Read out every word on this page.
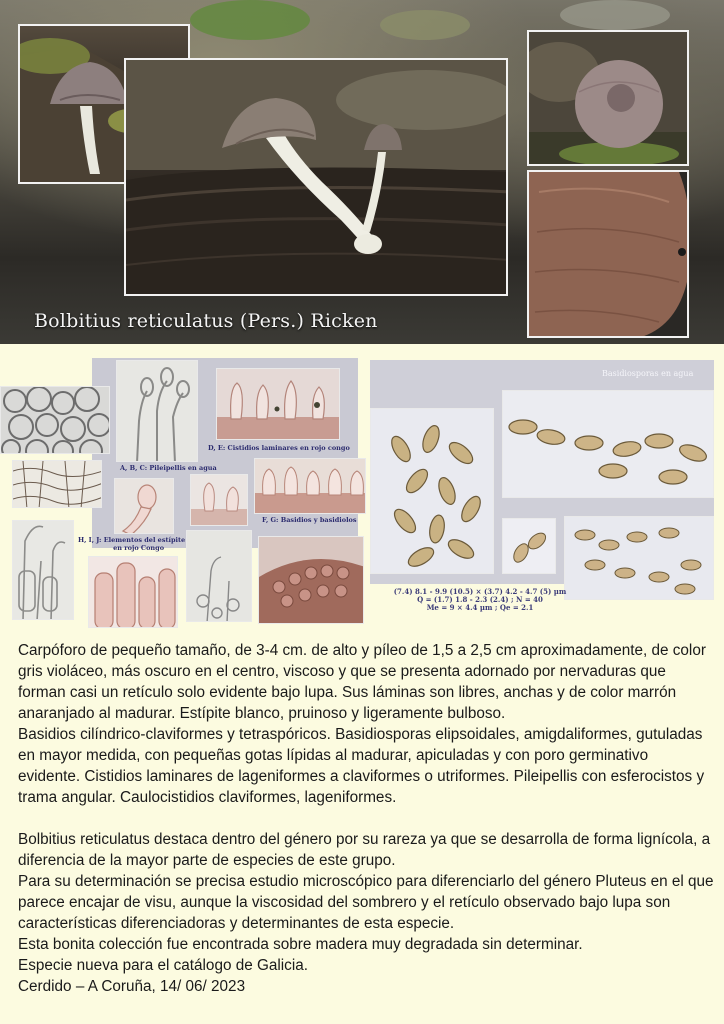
Bolbitius reticulatus (Pers.) Ricken
D, E: Cistidios laminares en rojo congo
A, B, C: Pileipellis en agua
F, G: Basidios y basidiolos
H, I, J: Elementos del estípite
en rojo Congo
Basidiosporas en agua
(7.4) 8.1 - 9.9 (10.5) × (3.7) 4.2 - 4.7 (5) µm
Q = (1.7) 1.8 - 2.3 (2.4) ; N = 40
Me = 9 × 4.4 µm ; Qe = 2.1

Carpóforo de pequeño tamaño, de 3-4 cm. de alto y píleo de 1,5 a 2,5 cm aproximadamente, de color gris violáceo, más oscuro en el centro, viscoso y que se presenta adornado por nervaduras que forman casi un retículo solo evidente bajo lupa. Sus láminas son libres, anchas y de color marrón anaranjado al madurar. Estípite blanco, pruinoso y ligeramente bulboso.

Basidios cilíndrico-claviformes y tetraspóricos. Basidiosporas elipsoidales, amigdaliformes, gutuladas en mayor medida, con pequeñas gotas lípidas al madurar, apiculadas y con poro germinativo evidente. Cistidios laminares de lageniformes a claviformes o utriformes. Pileipellis con esferocistos y trama angular. Caulocistidios claviformes, lageniformes.

Bolbitius reticulatus destaca dentro del género por su rareza ya que se desarrolla de forma lignícola, a diferencia de la mayor parte de especies de este grupo.

Para su determinación se precisa estudio microscópico para diferenciarlo del género Pluteus en el que parece encajar de visu, aunque la viscosidad del sombrero y el retículo observado bajo lupa son características diferenciadoras y determinantes de esta especie.

Esta bonita colección fue encontrada sobre madera muy degradada sin determinar.

Especie nueva para el catálogo de Galicia.

Cerdido – A Coruña, 14/ 06/ 2023
